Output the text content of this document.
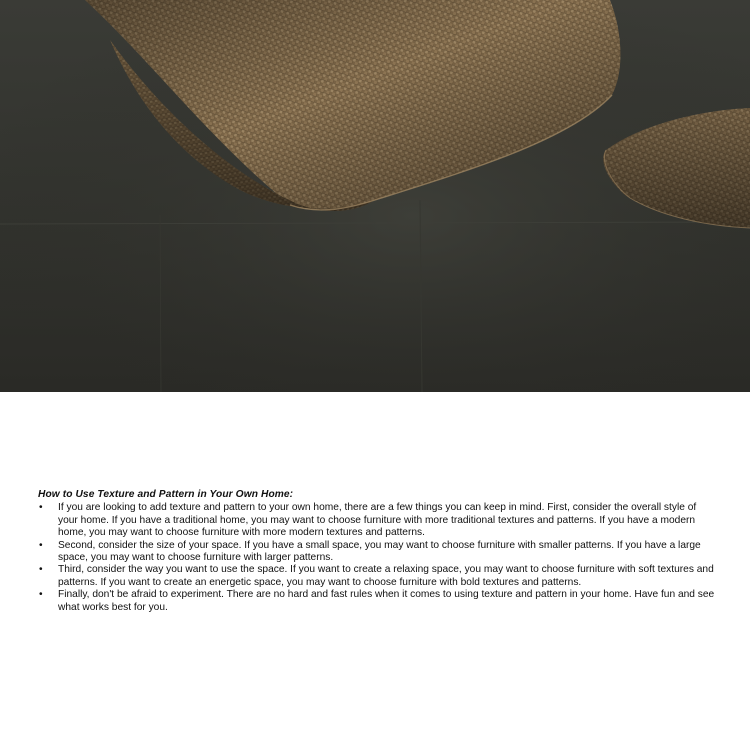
How to Use Texture and Pattern in Your Own Home:
• If you are looking to add texture and pattern to your own home, there are a few things you can keep in mind. First, consider the overall style of your home. If you have a traditional home, you may want to choose furniture with more traditional textures and patterns. If you have a modern home, you may want to choose furniture with more modern textures and patterns.
• Second, consider the size of your space. If you have a small space, you may want to choose furniture with smaller patterns. If you have a large space, you may want to choose furniture with larger patterns.
• Third, consider the way you want to use the space. If you want to create a relaxing space, you may want to choose furniture with soft textures and patterns. If you want to create an energetic space, you may want to choose furniture with bold textures and patterns.
• Finally, don't be afraid to experiment. There are no hard and fast rules when it comes to using texture and pattern in your home. Have fun and see what works best for you.
